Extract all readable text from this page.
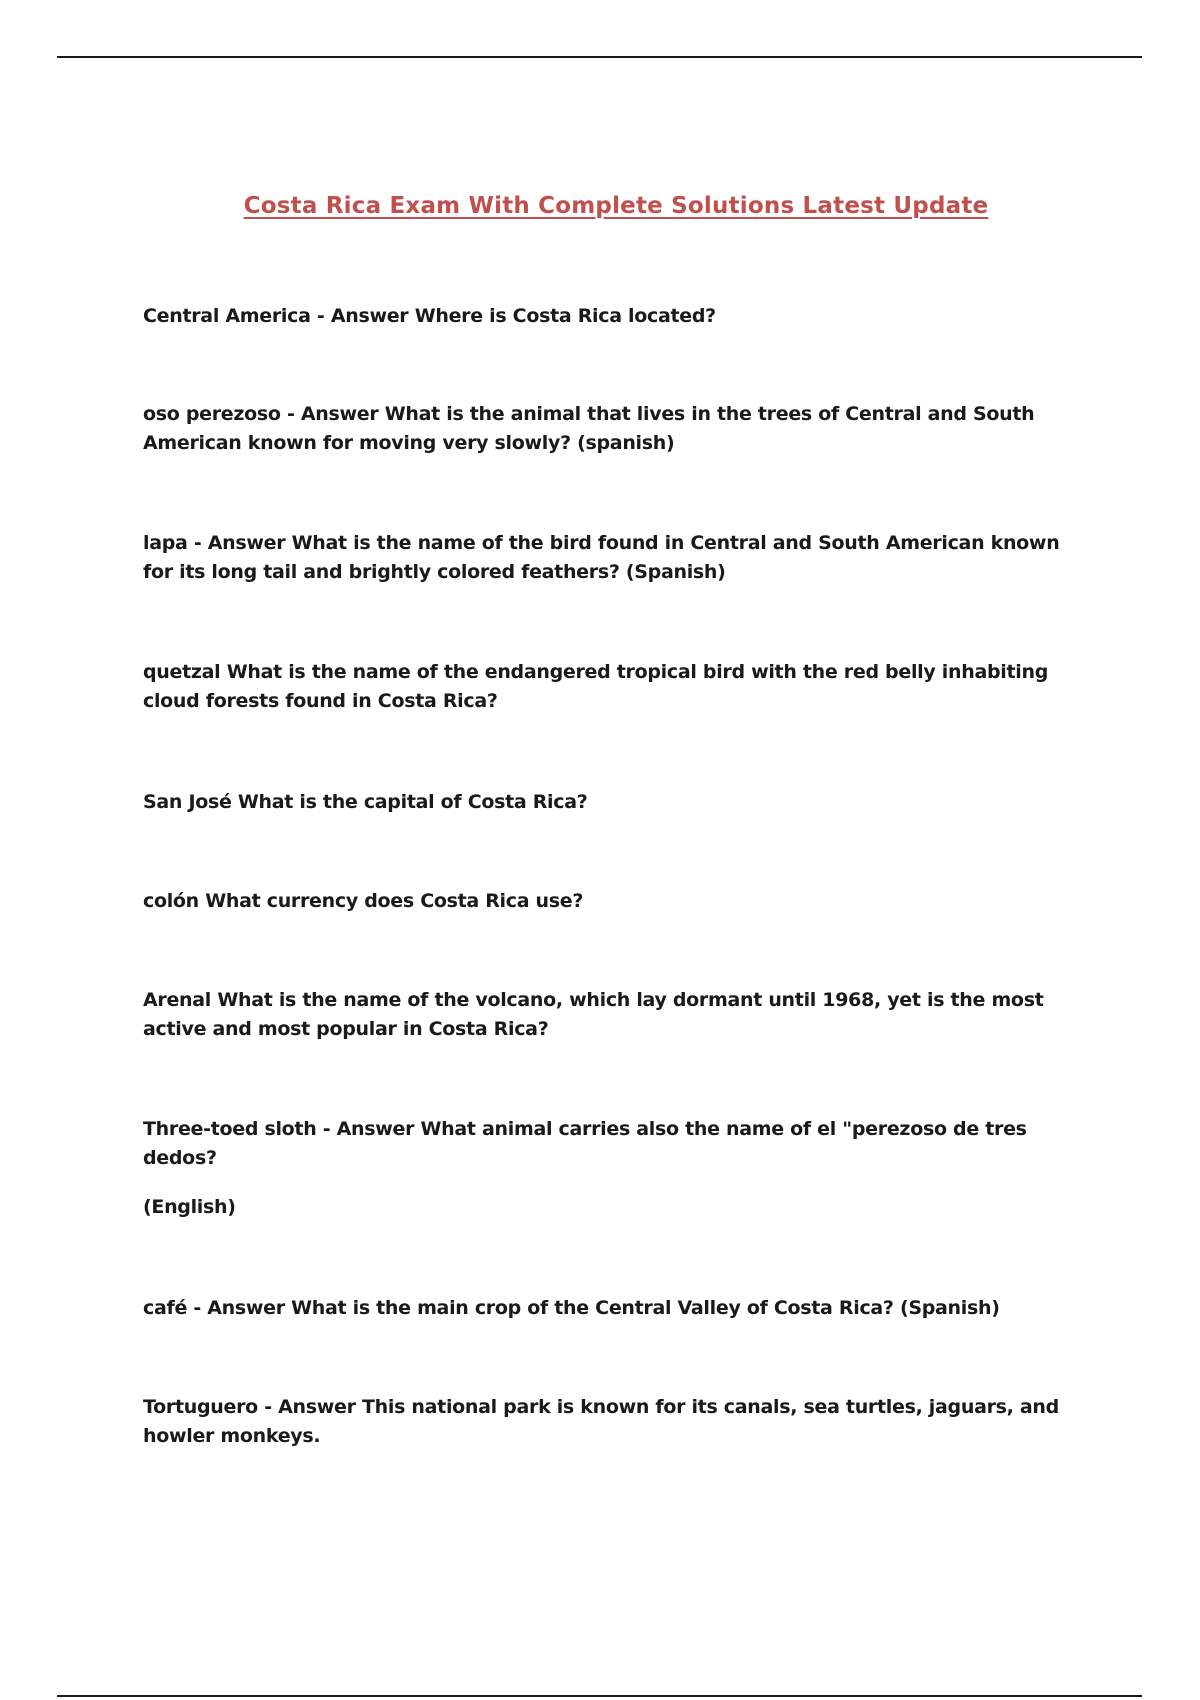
Costa Rica Exam With Complete Solutions Latest Update

Central America - Answer Where is Costa Rica located?

oso perezoso - Answer What is the animal that lives in the trees of Central and South American known for moving very slowly? (spanish)

lapa - Answer What is the name of the bird found in Central and South American known for its long tail and brightly colored feathers? (Spanish)

quetzal What is the name of the endangered tropical bird with the red belly inhabiting cloud forests found in Costa Rica?

San José What is the capital of Costa Rica?

colón What currency does Costa Rica use?

Arenal What is the name of the volcano, which lay dormant until 1968, yet is the most active and most popular in Costa Rica?

Three-toed sloth - Answer What animal carries also the name of el "perezoso de tres dedos?
(English)

café - Answer What is the main crop of the Central Valley of Costa Rica? (Spanish)

Tortuguero - Answer This national park is known for its canals, sea turtles, jaguars, and howler monkeys.
